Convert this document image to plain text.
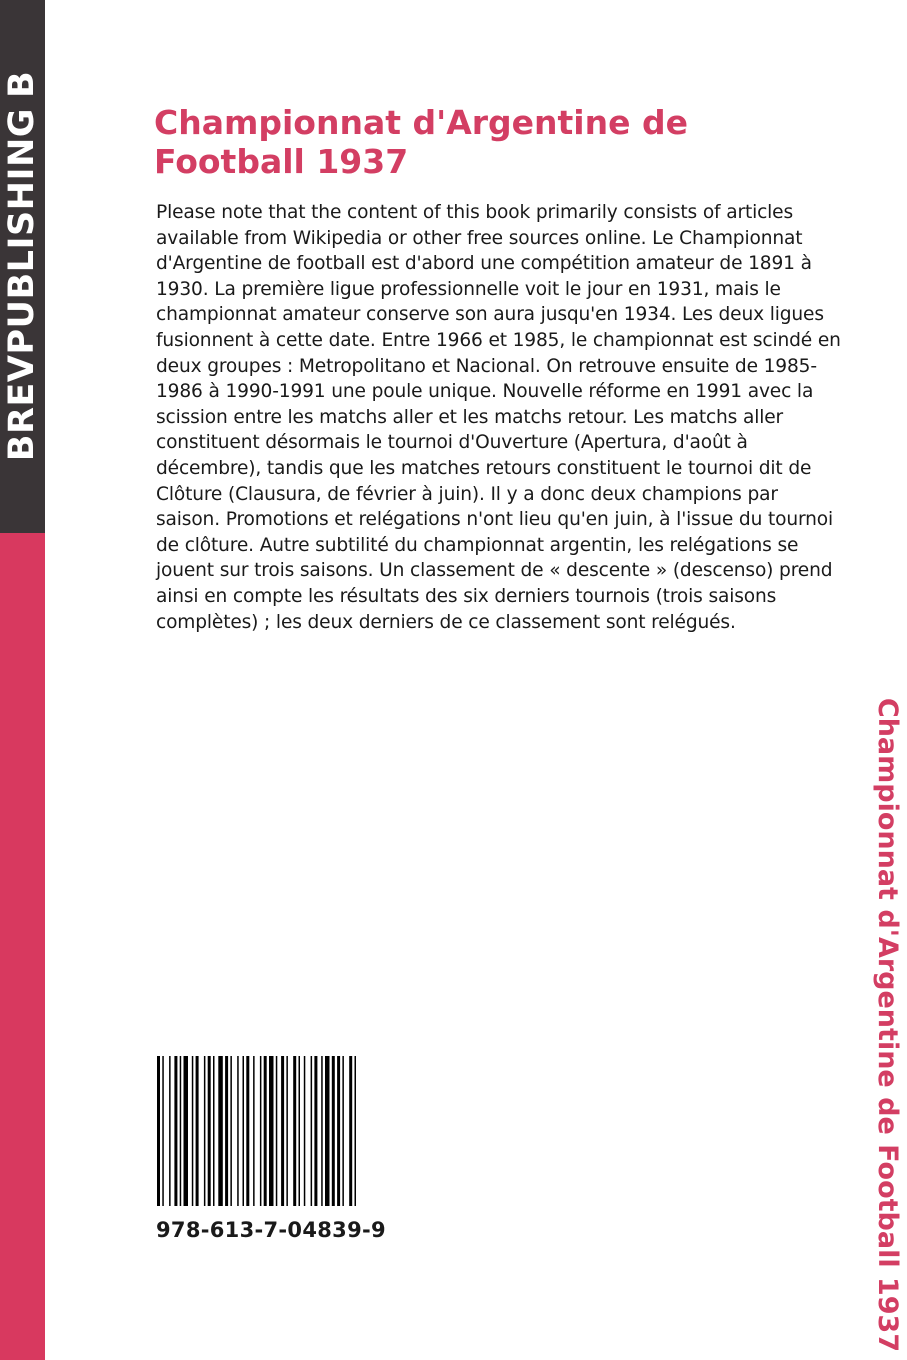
BREVPUBLISHING
B
Championnat d'Argentine de Football 1937

Please note that the content of this book primarily consists of articles available from Wikipedia or other free sources online. Le Championnat d'Argentine de football est d'abord une compétition amateur de 1891 à 1930. La première ligue professionnelle voit le jour en 1931, mais le championnat amateur conserve son aura jusqu'en 1934. Les deux ligues fusionnent à cette date. Entre 1966 et 1985, le championnat est scindé en deux groupes : Metropolitano et Nacional. On retrouve ensuite de 1985-1986 à 1990-1991 une poule unique. Nouvelle réforme en 1991 avec la scission entre les matchs aller et les matchs retour. Les matchs aller constituent désormais le tournoi d'Ouverture (Apertura, d'août à décembre), tandis que les matches retours constituent le tournoi dit de Clôture (Clausura, de février à juin). Il y a donc deux champions par saison. Promotions et relégations n'ont lieu qu'en juin, à l'issue du tournoi de clôture. Autre subtilité du championnat argentin, les relégations se jouent sur trois saisons. Un classement de « descente » (descenso) prend ainsi en compte les résultats des six derniers tournois (trois saisons complètes) ; les deux derniers de ce classement sont relégués.

Championnat d'Argentine de Football 1937

978-613-7-04839-9
